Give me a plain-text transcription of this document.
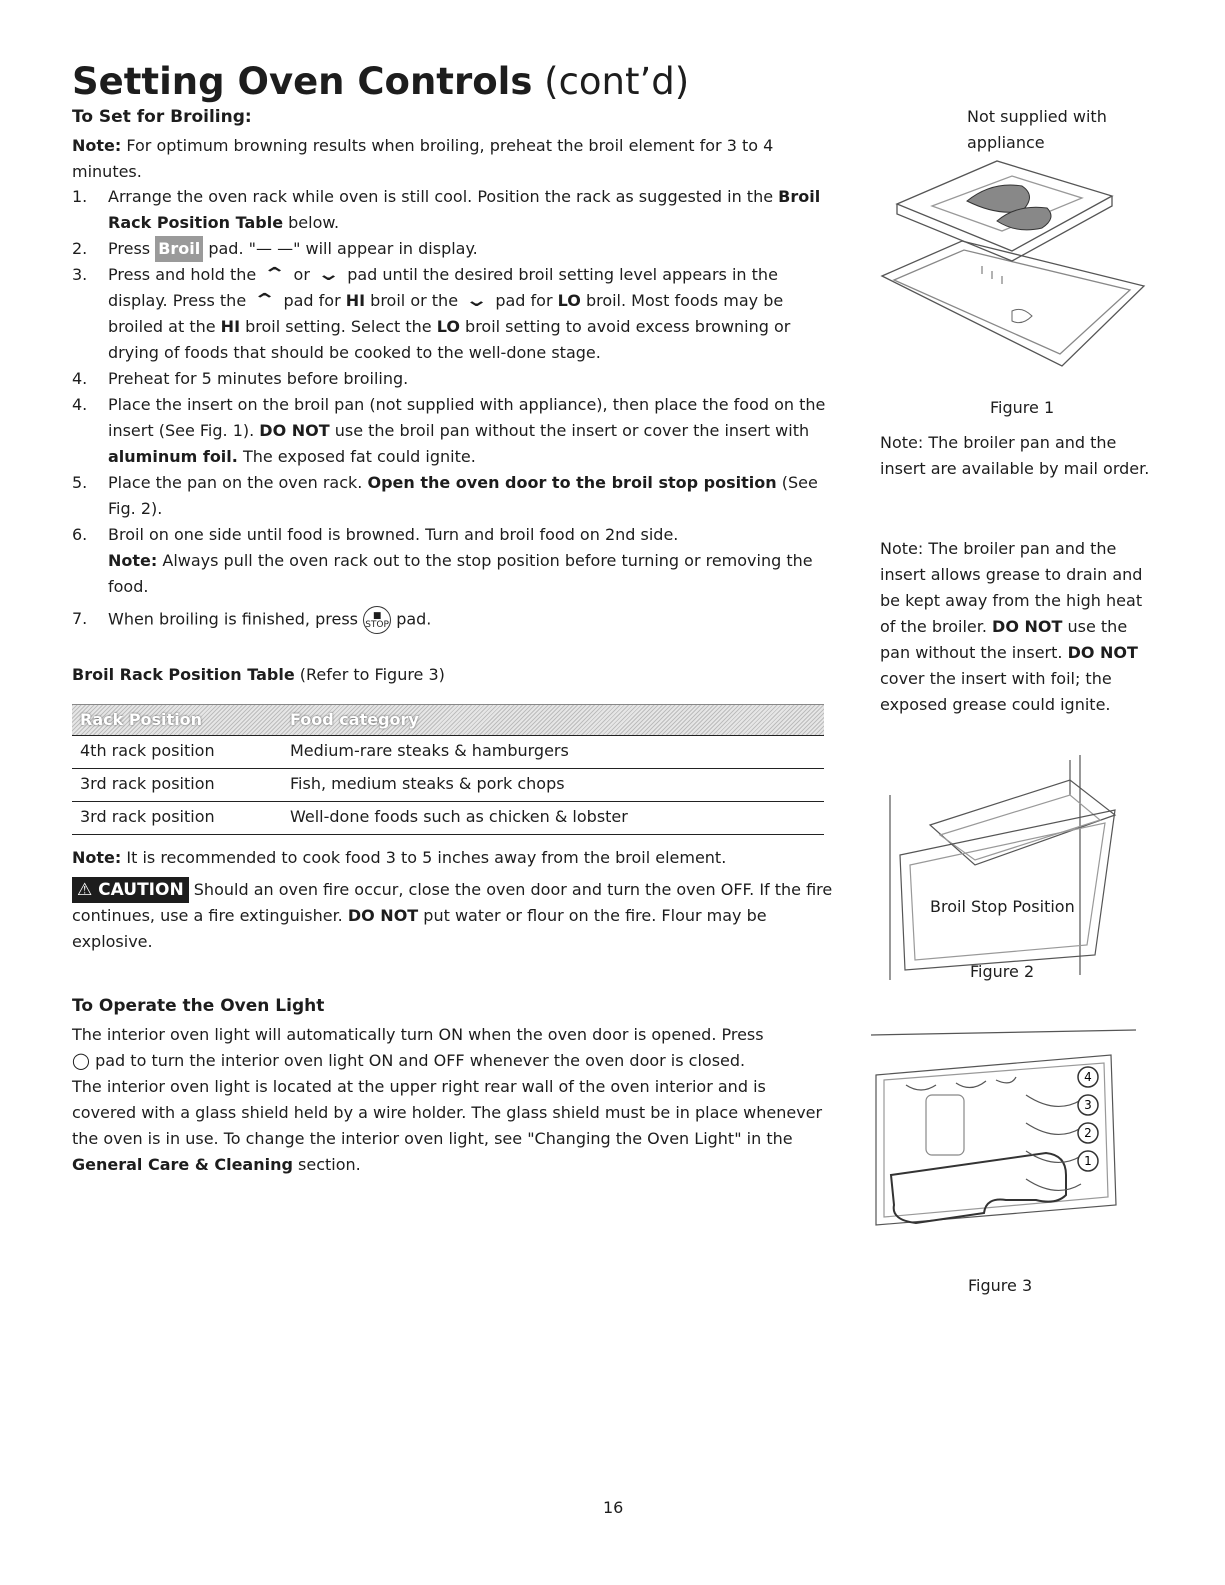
Setting Oven Controls (cont’d)
To Set for Broiling:
Note: For optimum browning results when broiling, preheat the broil element for 3 to 4 minutes.
1. Arrange the oven rack while oven is still cool. Position the rack as suggested in the Broil Rack Position Table below.
2. Press Broil pad. "— —" will appear in display.
3. Press and hold the ⌃ or ⌄ pad until the desired broil setting level appears in the display. Press the ⌃ pad for HI broil or the ⌄ pad for LO broil. Most foods may be broiled at the HI broil setting. Select the LO broil setting to avoid excess browning or drying of foods that should be cooked to the well-done stage.
4. Preheat for 5 minutes before broiling.
4. Place the insert on the broil pan (not supplied with appliance), then place the food on the insert (See Fig. 1). DO NOT use the broil pan without the insert or cover the insert with aluminum foil. The exposed fat could ignite.
5. Place the pan on the oven rack. Open the oven door to the broil stop position (See Fig. 2).
6. Broil on one side until food is browned. Turn and broil food on 2nd side.
Note: Always pull the oven rack out to the stop position before turning or removing the food.
7. When broiling is finished, press ■
STOP pad.
Broil Rack Position Table (Refer to Figure 3)
Rack Position	Food category
4th rack position	Medium-rare steaks & hamburgers
3rd rack position	Fish, medium steaks & pork chops
3rd rack position	Well-done foods such as chicken & lobster
Note: It is recommended to cook food 3 to 5 inches away from the broil element.
⚠ CAUTION Should an oven fire occur, close the oven door and turn the oven OFF. If the fire continues, use a fire extinguisher. DO NOT put water or flour on the fire. Flour may be explosive.
To Operate the Oven Light
The interior oven light will automatically turn ON when the oven door is opened. Press
◯ pad to turn the interior oven light ON and OFF whenever the oven door is closed.
The interior oven light is located at the upper right rear wall of the oven interior and is covered with a glass shield held by a wire holder. The glass shield must be in place whenever the oven is in use. To change the interior oven light, see "Changing the Oven Light" in the General Care & Cleaning section.
Not supplied with
appliance
Figure 1
Note: The broiler pan and the insert are available by mail order.
Note: The broiler pan and the insert allows grease to drain and be kept away from the high heat of the broiler. DO NOT use the pan without the insert. DO NOT cover the insert with foil; the exposed grease could ignite.
Broil Stop Position
Figure 2
4
3
2
1
Figure 3
16
